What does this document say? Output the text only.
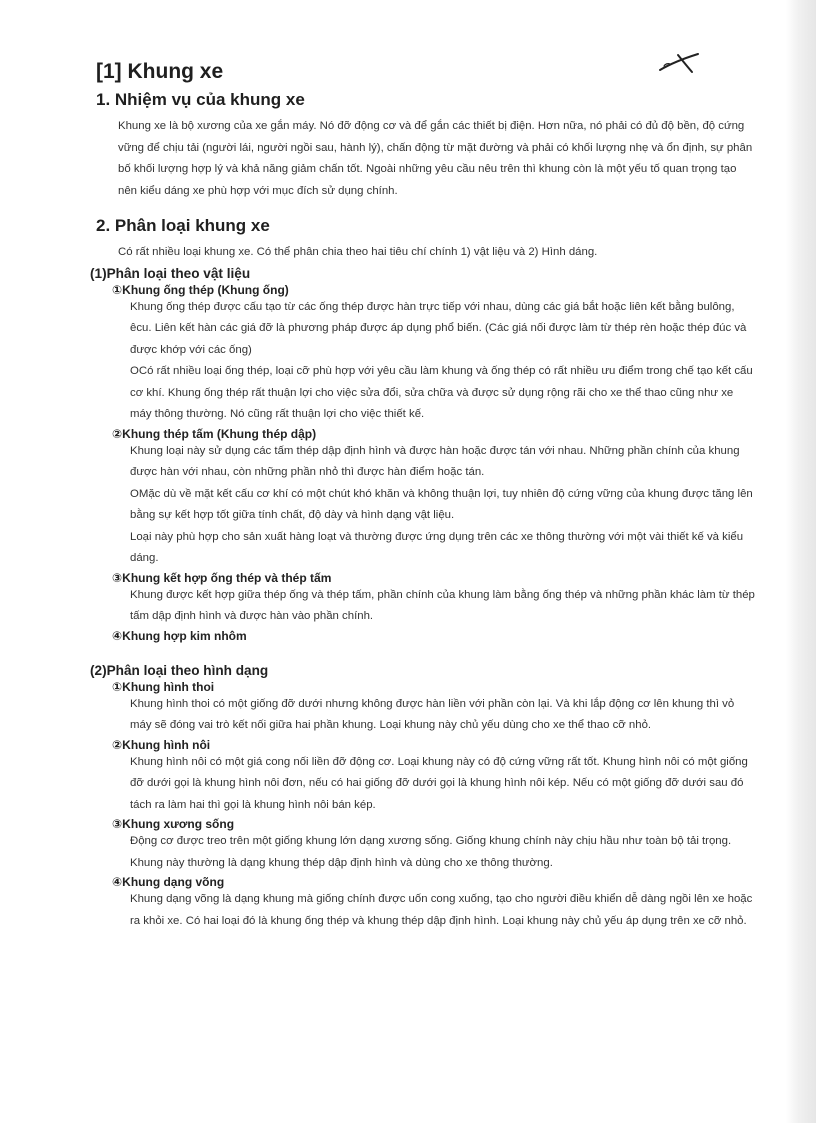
[1] Khung xe
1. Nhiệm vụ của khung xe

Khung xe là bộ xương của xe gắn máy. Nó đỡ động cơ và để gắn các thiết bị điện. Hơn nữa, nó phải có đủ độ bền, độ cứng vững để chịu tải (người lái, người ngồi sau, hành lý), chấn động từ mặt đường và phải có khối lượng nhẹ và ổn định, sự phân bố khối lượng hợp lý và khả năng giảm chấn tốt. Ngoài những yêu cầu nêu trên thì khung còn là một yếu tố quan trọng tạo nên kiểu dáng xe phù hợp với mục đích sử dụng chính.

2. Phân loại khung xe

Có rất nhiều loại khung xe. Có thể phân chia theo hai tiêu chí chính 1) vật liệu và 2) Hình dáng.

(1)Phân loại theo vật liệu
①Khung ống thép (Khung ống)

Khung ống thép được cấu tạo từ các ống thép được hàn trực tiếp với nhau, dùng các giá bắt hoặc liên kết bằng bulông, êcu. Liên kết hàn các giá đỡ là phương pháp được áp dụng phổ biến. (Các giá nối được làm từ thép rèn hoặc thép đúc và được khớp với các ống)

OCó rất nhiều loại ống thép, loại cỡ phù hợp với yêu cầu làm khung và ống thép có rất nhiều ưu điểm trong chế tạo kết cấu cơ khí. Khung ống thép rất thuận lợi cho việc sửa đổi, sửa chữa và được sử dụng rộng rãi cho xe thể thao cũng như xe máy thông thường. Nó cũng rất thuận lợi cho việc thiết kế.

②Khung thép tấm (Khung thép dập)

Khung loại này sử dụng các tấm thép dập định hình và được hàn hoặc được tán với nhau. Những phần chính của khung được hàn với nhau, còn những phần nhỏ thì được hàn điểm hoặc tán.

OMặc dù về mặt kết cấu cơ khí có một chút khó khăn và không thuận lợi, tuy nhiên độ cứng vững của khung được tăng lên bằng sự kết hợp tốt giữa tính chất, độ dày và hình dạng vật liệu.

Loại này phù hợp cho sản xuất hàng loạt và thường được ứng dụng trên các xe thông thường với một vài thiết kế và kiểu dáng.

③Khung kết hợp ống thép và thép tấm

Khung được kết hợp giữa thép ống và thép tấm, phần chính của khung làm bằng ống thép và những phần khác làm từ thép tấm dập định hình và được hàn vào phần chính.

④Khung hợp kim nhôm
(2)Phân loại theo hình dạng
①Khung hình thoi

Khung hình thoi có một giống đỡ dưới nhưng không được hàn liền với phần còn lại. Và khi lắp động cơ lên khung thì vỏ máy sẽ đóng vai trò kết nối giữa hai phần khung. Loại khung này chủ yếu dùng cho xe thể thao cỡ nhỏ.

②Khung hình nôi

Khung hình nôi có một giá cong nối liền đỡ động cơ. Loại khung này có độ cứng vững rất tốt. Khung hình nôi có một giống đỡ dưới gọi là khung hình nôi đơn, nếu có hai giống đỡ dưới gọi là khung hình nôi kép. Nếu có một giống đỡ dưới sau đó tách ra làm hai thì gọi là khung hình nôi bán kép.

③Khung xương sống

Động cơ được treo trên một giống khung lớn dạng xương sống. Giống khung chính này chịu hầu như toàn bộ tải trọng. Khung này thường là dạng khung thép dập định hình và dùng cho xe thông thường.

④Khung dạng võng

Khung dạng võng là dạng khung mà giống chính được uốn cong xuống, tạo cho người điều khiển dễ dàng ngồi lên xe hoặc ra khỏi xe. Có hai loại đó là khung ống thép và khung thép dập định hình. Loại khung này chủ yếu áp dụng trên xe cỡ nhỏ.
